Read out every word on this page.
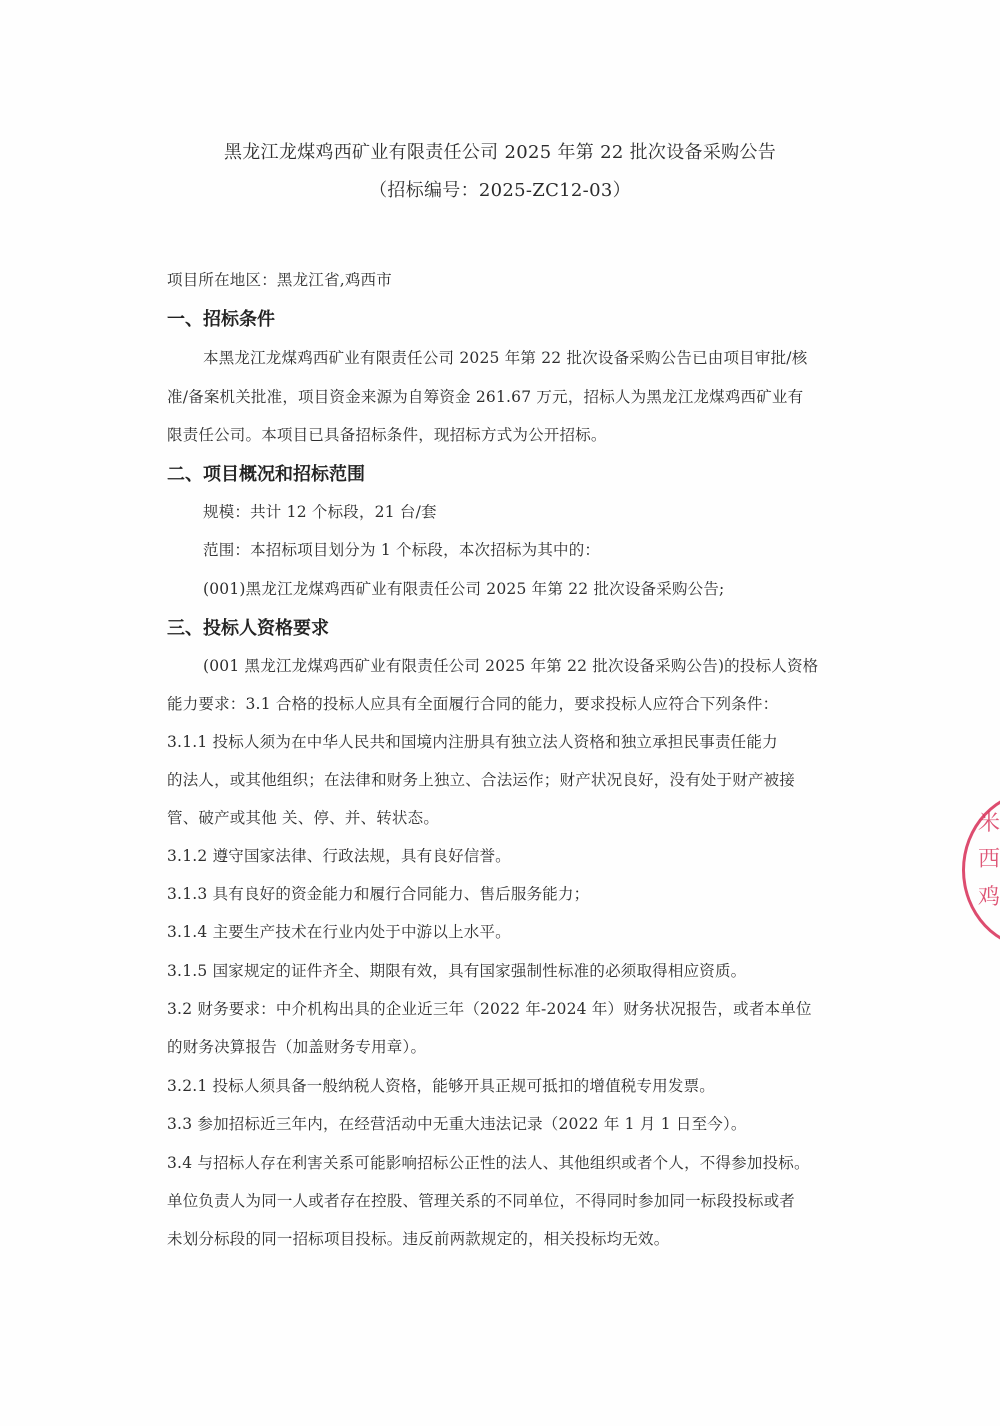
黑龙江龙煤鸡西矿业有限责任公司 2025 年第 22 批次设备采购公告
（招标编号：2025-ZC12-03）
项目所在地区：黑龙江省,鸡西市
一、招标条件
本黑龙江龙煤鸡西矿业有限责任公司 2025 年第 22 批次设备采购公告已由项目审批/核
准/备案机关批准，项目资金来源为自筹资金 261.67 万元，招标人为黑龙江龙煤鸡西矿业有
限责任公司。本项目已具备招标条件，现招标方式为公开招标。
二、项目概况和招标范围
规模：共计 12 个标段，21 台/套
范围：本招标项目划分为 1 个标段，本次招标为其中的：
(001)黑龙江龙煤鸡西矿业有限责任公司 2025 年第 22 批次设备采购公告;
三、投标人资格要求
(001 黑龙江龙煤鸡西矿业有限责任公司 2025 年第 22 批次设备采购公告)的投标人资格
能力要求：3.1 合格的投标人应具有全面履行合同的能力，要求投标人应符合下列条件：
3.1.1 投标人须为在中华人民共和国境内注册具有独立法人资格和独立承担民事责任能力
的法人，或其他组织；在法律和财务上独立、合法运作；财产状况良好，没有处于财产被接
管、破产或其他 关、停、并、转状态。
3.1.2 遵守国家法律、行政法规，具有良好信誉。
3.1.3 具有良好的资金能力和履行合同能力、售后服务能力；
3.1.4 主要生产技术在行业内处于中游以上水平。
3.1.5 国家规定的证件齐全、期限有效，具有国家强制性标准的必须取得相应资质。
3.2 财务要求：中介机构出具的企业近三年（2022 年-2024 年）财务状况报告，或者本单位
的财务决算报告（加盖财务专用章）。
3.2.1 投标人须具备一般纳税人资格，能够开具正规可抵扣的增值税专用发票。
3.3 参加招标近三年内，在经营活动中无重大违法记录（2022 年 1 月 1 日至今）。
3.4 与招标人存在利害关系可能影响招标公正性的法人、其他组织或者个人，不得参加投标。
单位负责人为同一人或者存在控股、管理关系的不同单位，不得同时参加同一标段投标或者
未划分标段的同一招标项目投标。违反前两款规定的，相关投标均无效。
米
西
鸡
